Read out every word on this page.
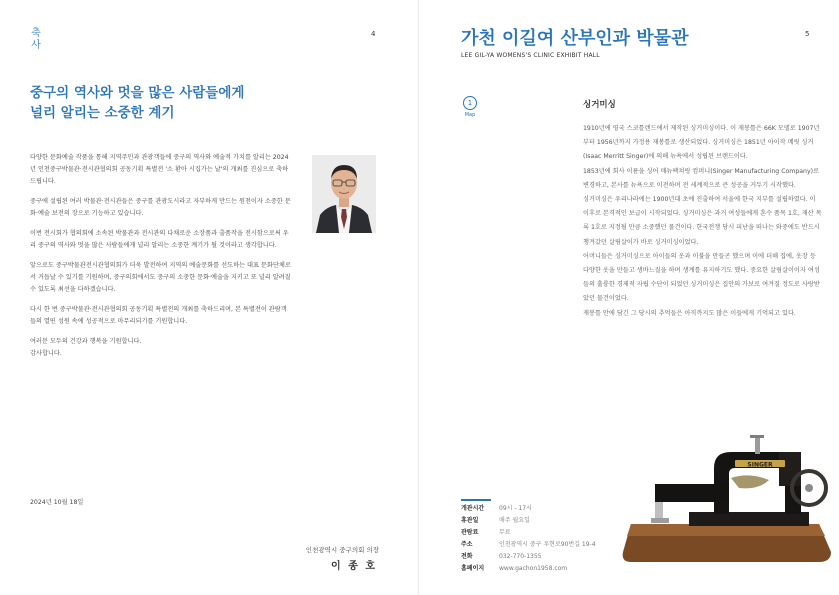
축사
4
중구의 역사와 멋을 많은 사람들에게
널리 알리는 소중한 계기

다양한 문화예술 작품을 통해 지역주민과 관광객들에 중구의 역사와 예술적 가치를 알리는 2024년 인천중구박물관·전시관협의회 공동기획 특별전 '소 환아 시집가는 날'의 개최를 진심으로 축하드립니다.

중구에 설립된 여러 박물관·전시관들은 중구를 관광도시라고 자부하게 만드는 원천이자 소중한 문화·예술 보전의 장으로 기능하고 있습니다.

이번 전시회가 협의회에 소속된 박물관과 전시관의 다채로운 소장품과 출품작을 전시함으로써 우리 중구의 역사와 멋을 많은 사람들에게 널리 알리는 소중한 계기가 될 것이라고 생각합니다.

앞으로도 중구박물관전시관협의회가 더욱 발전하여 지역의 예술문화를 선도하는 대표 문화단체로서 거듭날 수 있기를 기원하며, 중구의회에서도 중구의 소중한 문화·예술을 지키고 또 널리 알려질 수 있도록 최선을 다하겠습니다.

다시 한 번 중구박물관·전시관협의회 공동기획 특별전의 개최를 축하드리며, 본 특별전이 관람객들의 열띤 성원 속에 성공적으로 마무리되기를 기원합니다.

여러분 모두의 건강과 행복을 기원합니다.
감사합니다.

2024년 10월 18일
인천광역시 중구의회 의장
이 종 호
5
가천 이길여 산부인과 박물관
LEE GIL-YA WOMENS'S CLINIC EXHIBIT HALL
1
Map
싱거미싱

1910년에 영국 스코틀랜드에서 제작된 싱거미싱이다. 이 재봉틀은 66K 모델로 1907년부터 1956년까지 가정용 재봉틀로 생산되었다. 싱거미싱은 1851년 아이작 메릿 싱거(Isaac Merritt Singer)에 의해 뉴욕에서 성립된 브랜드이다.

1853년에 회사 이름을 싱어 매뉴팩쳐링 컴퍼니(Singer Manufacturing Company)로 변경하고, 본사를 뉴욕으로 이전하며 전 세계적으로 큰 성공을 거두기 시작했다.

싱거미싱은 우리나라에는 1900년대 초에 진출하여 서울에 한국 지부를 설립하였다. 이 이후로 본격적인 보급이 시작되었다. 싱거미싱은 과거 여성들에게 혼수 품목 1호, 재산 목록 1호로 지정될 만큼 소중했던 물건이다. 한국전쟁 당시 피난을 떠나는 와중에도 반드시 챙겨갔던 살림살이가 바로 싱거미싱이었다.

어머니들은 싱거미싱으로 아이들의 옷과 이불을 만들곤 했으며 이에 더해 집에, 옷장 등 다양한 옷을 만들고 생바느질을 하며 생계를 유지하기도 했다. 중요한 살림살이이자 여성들의 훌륭한 경제적 자립 수단이 되었던 싱거미싱은 집안의 가보로 여겨질 정도로 사랑받았던 물건이었다.

재봉틀 안에 담긴 그 당시의 추억들은 아직까지도 많은 이들에게 기억되고 있다.

개관시간	09시 - 17시
휴관일	매주 월요일
관람료	무료
주소	인천광역시 중구 우현로90번길 19-4
전화	032-770-1355
홈페이지	www.gachon1958.com
SINGER
